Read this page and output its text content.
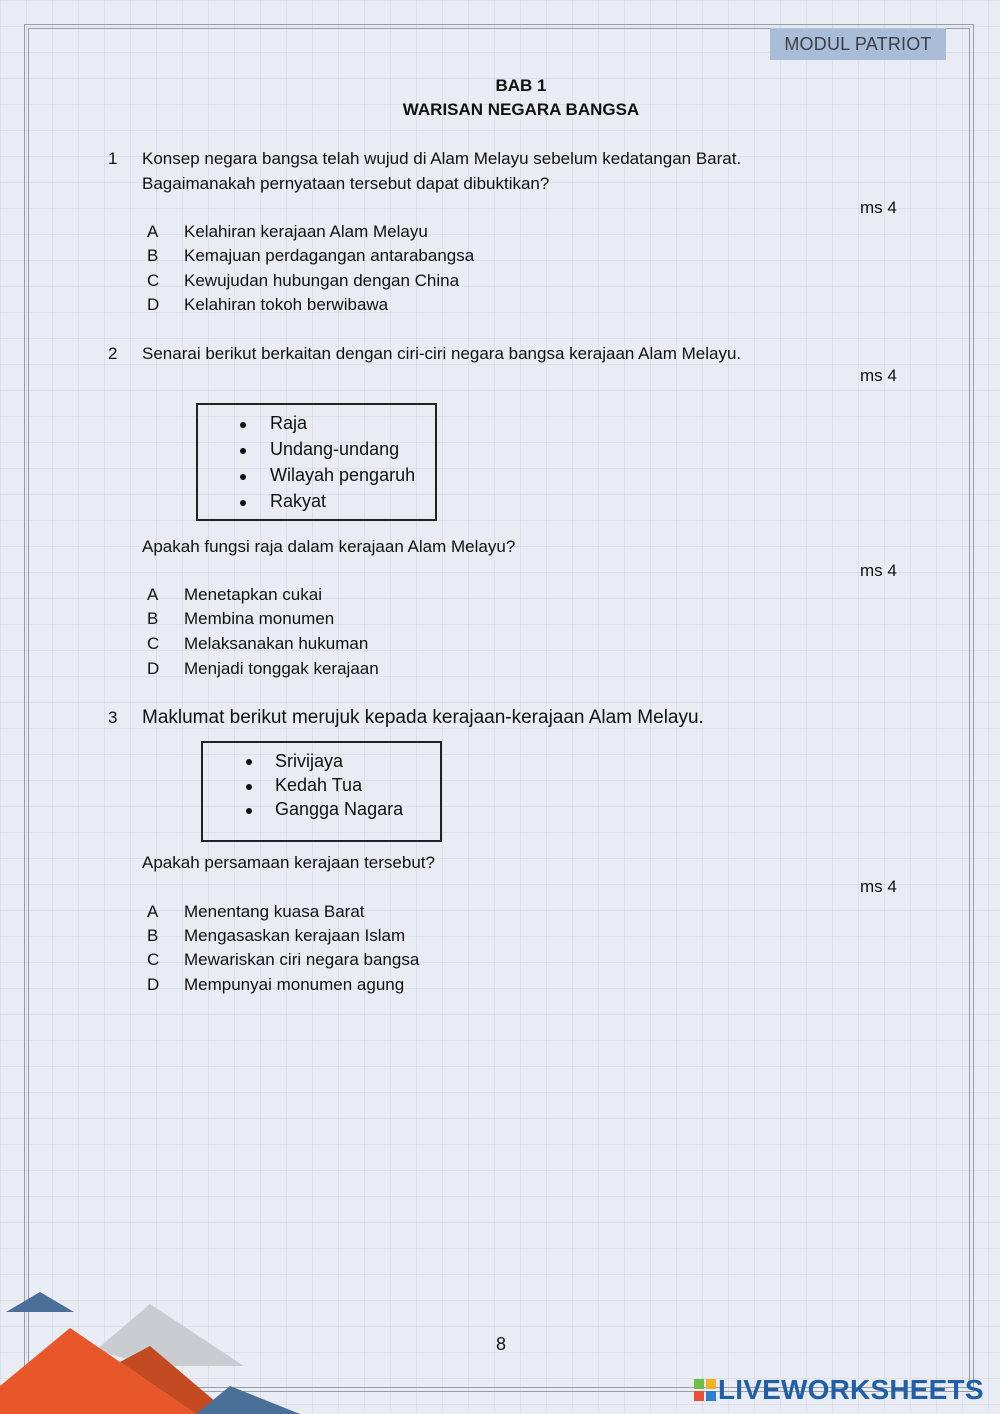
MODUL PATRIOT
BAB 1
WARISAN NEGARA BANGSA
1 Konsep negara bangsa telah wujud di Alam Melayu sebelum kedatangan Barat.
Bagaimanakah pernyataan tersebut dapat dibuktikan?
ms 4
A Kelahiran kerajaan Alam Melayu
B Kemajuan perdagangan antarabangsa
C Kewujudan hubungan dengan China
D Kelahiran tokoh berwibawa
2 Senarai berikut berkaitan dengan ciri-ciri negara bangsa kerajaan Alam Melayu.
ms 4
Raja
Undang-undang
Wilayah pengaruh
Rakyat
Apakah fungsi raja dalam kerajaan Alam Melayu?
ms 4
A Menetapkan cukai
B Membina monumen
C Melaksanakan hukuman
D Menjadi tonggak kerajaan
3 Maklumat berikut merujuk kepada kerajaan-kerajaan Alam Melayu.
Srivijaya
Kedah Tua
Gangga Nagara
Apakah persamaan kerajaan tersebut?
ms 4
A Menentang kuasa Barat
B Mengasaskan kerajaan Islam
C Mewariskan ciri negara bangsa
D Mempunyai monumen agung
8
LIVEWORKSHEETS
